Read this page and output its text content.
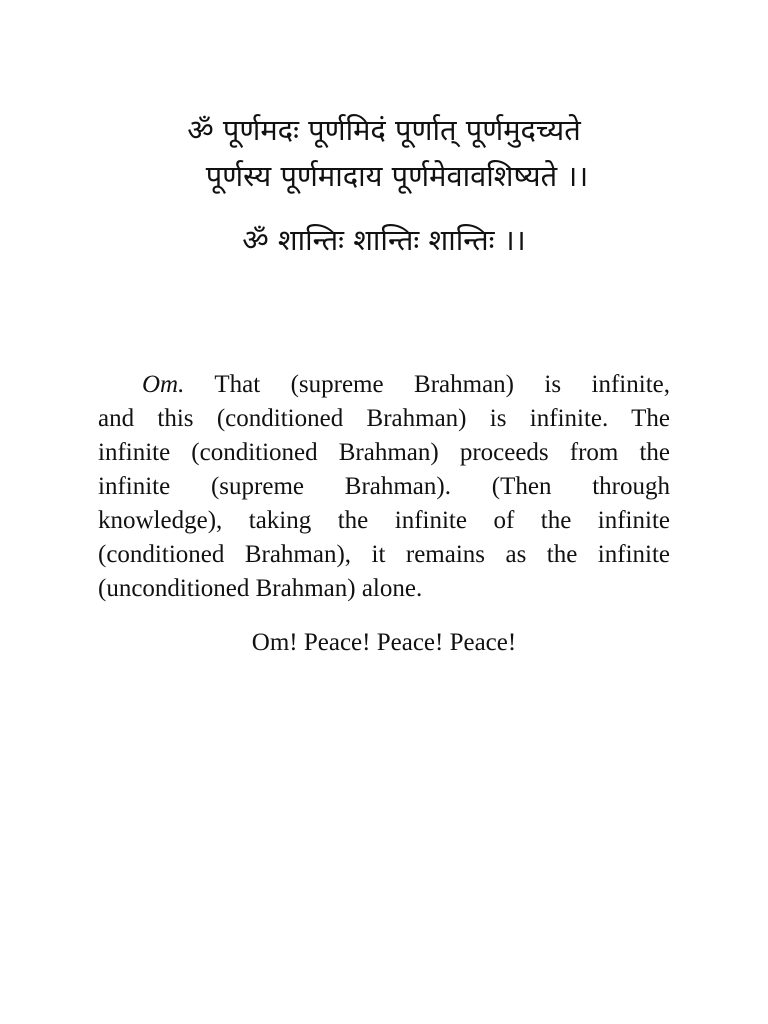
ॐ पूर्णमदः पूर्णमिदं पूर्णात् पूर्णमुदच्यते
पूर्णस्य पूर्णमादाय पूर्णमेवावशिष्यते ।।
ॐ शान्तिः शान्तिः शान्तिः ।।
Om. That (supreme Brahman) is infinite,
and this (conditioned Brahman) is infinite. The
infinite (conditioned Brahman) proceeds from the
infinite (supreme Brahman). (Then through
knowledge), taking the infinite of the infinite
(conditioned Brahman), it remains as the infinite
(unconditioned Brahman) alone.
Om! Peace! Peace! Peace!
